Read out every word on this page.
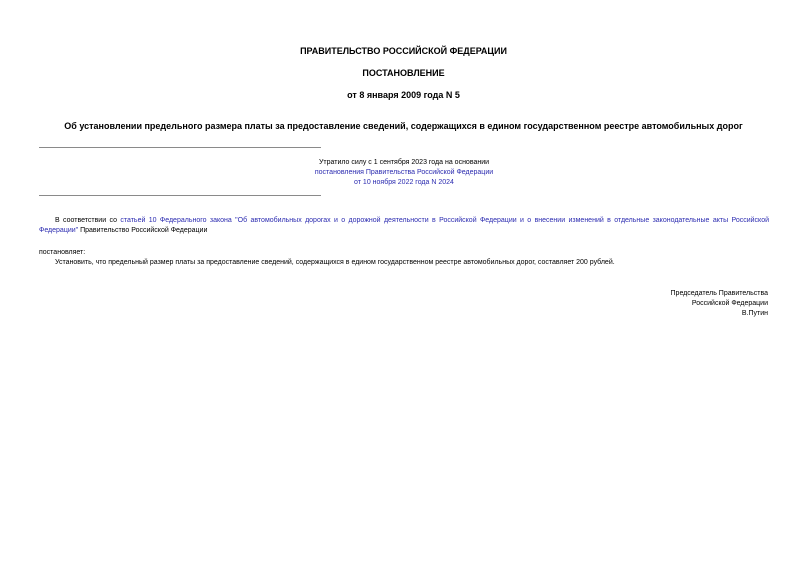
ПРАВИТЕЛЬСТВО РОССИЙСКОЙ ФЕДЕРАЦИИ
ПОСТАНОВЛЕНИЕ
от 8 января 2009 года N 5
Об установлении предельного размера платы за предоставление сведений, содержащихся в едином государственном реестре автомобильных дорог
Утратило силу с 1 сентября 2023 года на основании
постановления Правительства Российской Федерации
от 10 ноября 2022 года N 2024
В соответствии со статьей 10 Федерального закона "Об автомобильных дорогах и о дорожной деятельности в Российской Федерации и о внесении изменений в отдельные законодательные акты Российской Федерации" Правительство Российской Федерации
постановляет:
Установить, что предельный размер платы за предоставление сведений, содержащихся в едином государственном реестре автомобильных дорог, составляет 200 рублей.
Председатель Правительства
Российской Федерации
В.Путин
